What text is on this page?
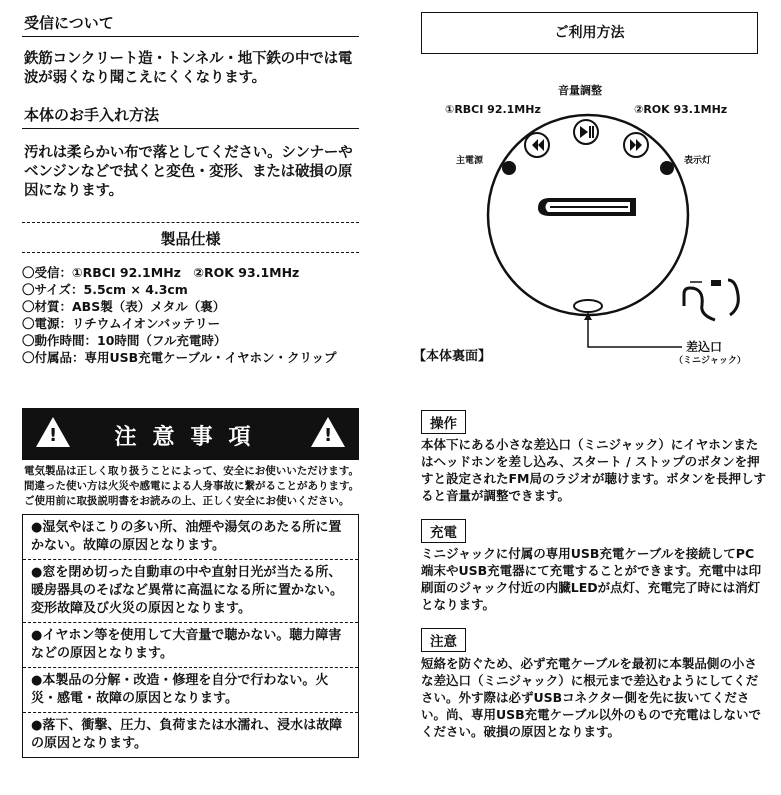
受信について
鉄筋コンクリート造・トンネル・地下鉄の中では電波が弱くなり聞こえにくくなります。
本体のお手入れ方法
汚れは柔らかい布で落としてください。シンナーやベンジンなどで拭くと変色・変形、または破損の原因になります。
製品仕様
〇受信：①RBCI 92.1MHz　②ROK 93.1MHz
〇サイズ：5.5cm × 4.3cm
〇材質：ABS製（表）メタル（裏）
〇電源：リチウムイオンバッテリー
〇動作時間：10時間（フル充電時）
〇付属品：専用USB充電ケーブル・イヤホン・クリップ
!	注意事項	!
電気製品は正しく取り扱うことによって、安全にお使いいただけます。
間違った使い方は火災や感電による人身事故に繋がることがあります。
ご使用前に取扱説明書をお読みの上、正しく安全にお使いください。
●湿気やほこりの多い所、油煙や湯気のあたる所に置かない。故障の原因となります。
●窓を閉め切った自動車の中や直射日光が当たる所、暖房器具のそばなど異常に高温になる所に置かない。変形故障及び火災の原因となります。
●イヤホン等を使用して大音量で聴かない。聴力障害などの原因となります。
●本製品の分解・改造・修理を自分で行わない。火災・感電・故障の原因となります。
●落下、衝撃、圧力、負荷または水濡れ、浸水は故障の原因となります。
ご利用方法
音量調整
①RBCI 92.1MHz	②ROK 93.1MHz
主電源	表示灯
【本体裏面】
差込口
（ミニジャック）
操作
本体下にある小さな差込口（ミニジャック）にイヤホンまたはヘッドホンを差し込み、スタート / ストップのボタンを押すと設定されたFM局のラジオが聴けます。ボタンを長押しすると音量が調整できます。
充電
ミニジャックに付属の専用USB充電ケーブルを接続してPC端末やUSB充電器にて充電することができます。充電中は印刷面のジャック付近の内臓LEDが点灯、充電完了時には消灯となります。
注意
短絡を防ぐため、必ず充電ケーブルを最初に本製品側の小さな差込口（ミニジャック）に根元まで差込むようにしてください。外す際は必ずUSBコネクター側を先に抜いてください。尚、専用USB充電ケーブル以外のもので充電はしないでください。破損の原因となります。
